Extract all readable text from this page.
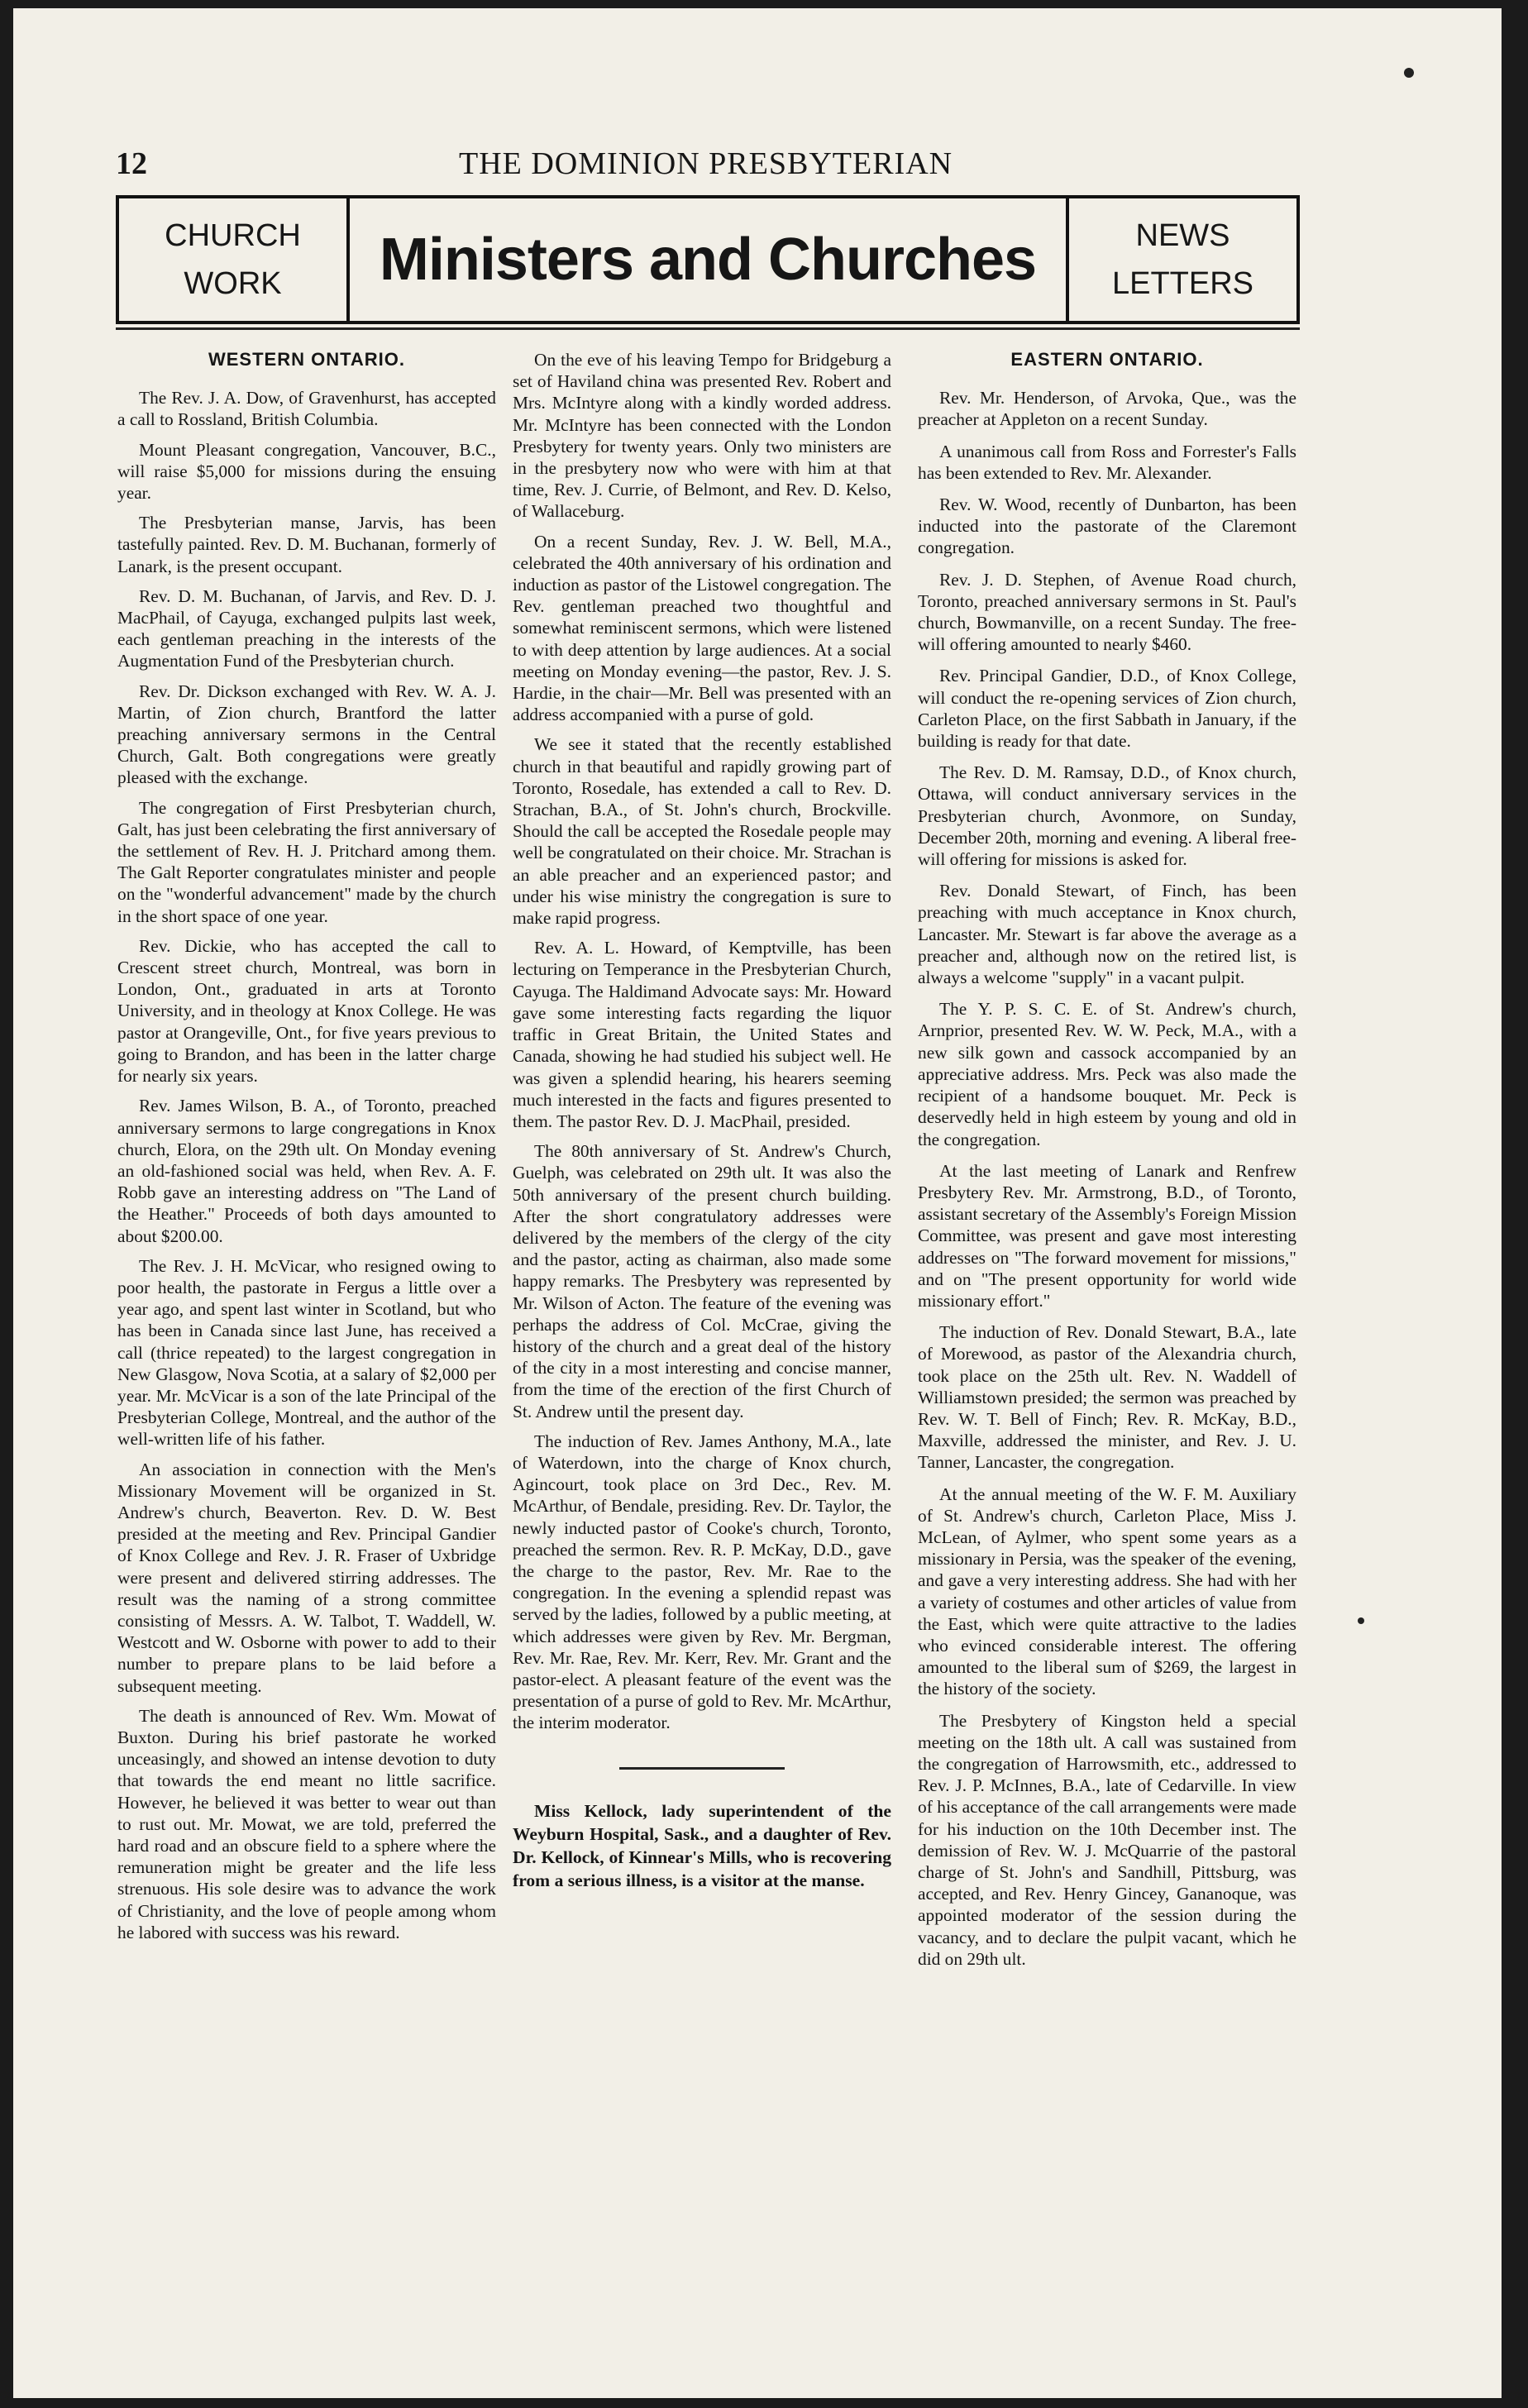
12	THE DOMINION PRESBYTERIAN
CHURCH
WORK	Ministers and Churches	NEWS
LETTERS
WESTERN ONTARIO.

The Rev. J. A. Dow, of Gravenhurst, has accepted a call to Rossland, British Columbia.

Mount Pleasant congregation, Vancouver, B.C., will raise $5,000 for missions during the ensuing year.

The Presbyterian manse, Jarvis, has been tastefully painted. Rev. D. M. Buchanan, formerly of Lanark, is the present occupant.

Rev. D. M. Buchanan, of Jarvis, and Rev. D. J. MacPhail, of Cayuga, exchanged pulpits last week, each gentleman preaching in the interests of the Augmentation Fund of the Presbyterian church.

Rev. Dr. Dickson exchanged with Rev. W. A. J. Martin, of Zion church, Brantford the latter preaching anniversary sermons in the Central Church, Galt. Both congregations were greatly pleased with the exchange.

The congregation of First Presbyterian church, Galt, has just been celebrating the first anniversary of the settlement of Rev. H. J. Pritchard among them. The Galt Reporter congratulates minister and people on the "wonderful advancement" made by the church in the short space of one year.

Rev. Dickie, who has accepted the call to Crescent street church, Montreal, was born in London, Ont., graduated in arts at Toronto University, and in theology at Knox College. He was pastor at Orangeville, Ont., for five years previous to going to Brandon, and has been in the latter charge for nearly six years.

Rev. James Wilson, B. A., of Toronto, preached anniversary sermons to large congregations in Knox church, Elora, on the 29th ult. On Monday evening an old-fashioned social was held, when Rev. A. F. Robb gave an interesting address on "The Land of the Heather." Proceeds of both days amounted to about $200.00.

The Rev. J. H. McVicar, who resigned owing to poor health, the pastorate in Fergus a little over a year ago, and spent last winter in Scotland, but who has been in Canada since last June, has received a call (thrice repeated) to the largest congregation in New Glasgow, Nova Scotia, at a salary of $2,000 per year. Mr. McVicar is a son of the late Principal of the Presbyterian College, Montreal, and the author of the well-written life of his father.

An association in connection with the Men's Missionary Movement will be organized in St. Andrew's church, Beaverton. Rev. D. W. Best presided at the meeting and Rev. Principal Gandier of Knox College and Rev. J. R. Fraser of Uxbridge were present and delivered stirring addresses. The result was the naming of a strong committee consisting of Messrs. A. W. Talbot, T. Waddell, W. Westcott and W. Osborne with power to add to their number to prepare plans to be laid before a subsequent meeting.

The death is announced of Rev. Wm. Mowat of Buxton. During his brief pastorate he worked unceasingly, and showed an intense devotion to duty that towards the end meant no little sacrifice. However, he believed it was better to wear out than to rust out. Mr. Mowat, we are told, preferred the hard road and an obscure field to a sphere where the remuneration might be greater and the life less strenuous. His sole desire was to advance the work of Christianity, and the love of people among whom he labored with success was his reward.

On the eve of his leaving Tempo for Bridgeburg a set of Haviland china was presented Rev. Robert and Mrs. McIntyre along with a kindly worded address. Mr. McIntyre has been connected with the London Presbytery for twenty years. Only two ministers are in the presbytery now who were with him at that time, Rev. J. Currie, of Belmont, and Rev. D. Kelso, of Wallaceburg.

On a recent Sunday, Rev. J. W. Bell, M.A., celebrated the 40th anniversary of his ordination and induction as pastor of the Listowel congregation. The Rev. gentleman preached two thoughtful and somewhat reminiscent sermons, which were listened to with deep attention by large audiences. At a social meeting on Monday evening—the pastor, Rev. J. S. Hardie, in the chair—Mr. Bell was presented with an address accompanied with a purse of gold.

We see it stated that the recently established church in that beautiful and rapidly growing part of Toronto, Rosedale, has extended a call to Rev. D. Strachan, B.A., of St. John's church, Brockville. Should the call be accepted the Rosedale people may well be congratulated on their choice. Mr. Strachan is an able preacher and an experienced pastor; and under his wise ministry the congregation is sure to make rapid progress.

Rev. A. L. Howard, of Kemptville, has been lecturing on Temperance in the Presbyterian Church, Cayuga. The Haldimand Advocate says: Mr. Howard gave some interesting facts regarding the liquor traffic in Great Britain, the United States and Canada, showing he had studied his subject well. He was given a splendid hearing, his hearers seeming much interested in the facts and figures presented to them. The pastor Rev. D. J. MacPhail, presided.

The 80th anniversary of St. Andrew's Church, Guelph, was celebrated on 29th ult. It was also the 50th anniversary of the present church building. After the short congratulatory addresses were delivered by the members of the clergy of the city and the pastor, acting as chairman, also made some happy remarks. The Presbytery was represented by Mr. Wilson of Acton. The feature of the evening was perhaps the address of Col. McCrae, giving the history of the church and a great deal of the history of the city in a most interesting and concise manner, from the time of the erection of the first Church of St. Andrew until the present day.

The induction of Rev. James Anthony, M.A., late of Waterdown, into the charge of Knox church, Agincourt, took place on 3rd Dec., Rev. M. McArthur, of Bendale, presiding. Rev. Dr. Taylor, the newly inducted pastor of Cooke's church, Toronto, preached the sermon. Rev. R. P. McKay, D.D., gave the charge to the pastor, Rev. Mr. Rae to the congregation. In the evening a splendid repast was served by the ladies, followed by a public meeting, at which addresses were given by Rev. Mr. Bergman, Rev. Mr. Rae, Rev. Mr. Kerr, Rev. Mr. Grant and the pastor-elect. A pleasant feature of the event was the presentation of a purse of gold to Rev. Mr. McArthur, the interim moderator.

Miss Kellock, lady superintendent of the Weyburn Hospital, Sask., and a daughter of Rev. Dr. Kellock, of Kinnear's Mills, who is recovering from a serious illness, is a visitor at the manse.

EASTERN ONTARIO.

Rev. Mr. Henderson, of Arvoka, Que., was the preacher at Appleton on a recent Sunday.

A unanimous call from Ross and Forrester's Falls has been extended to Rev. Mr. Alexander.

Rev. W. Wood, recently of Dunbarton, has been inducted into the pastorate of the Claremont congregation.

Rev. J. D. Stephen, of Avenue Road church, Toronto, preached anniversary sermons in St. Paul's church, Bowmanville, on a recent Sunday. The free-will offering amounted to nearly $460.

Rev. Principal Gandier, D.D., of Knox College, will conduct the re-opening services of Zion church, Carleton Place, on the first Sabbath in January, if the building is ready for that date.

The Rev. D. M. Ramsay, D.D., of Knox church, Ottawa, will conduct anniversary services in the Presbyterian church, Avonmore, on Sunday, December 20th, morning and evening. A liberal free-will offering for missions is asked for.

Rev. Donald Stewart, of Finch, has been preaching with much acceptance in Knox church, Lancaster. Mr. Stewart is far above the average as a preacher and, although now on the retired list, is always a welcome "supply" in a vacant pulpit.

The Y. P. S. C. E. of St. Andrew's church, Arnprior, presented Rev. W. W. Peck, M.A., with a new silk gown and cassock accompanied by an appreciative address. Mrs. Peck was also made the recipient of a handsome bouquet. Mr. Peck is deservedly held in high esteem by young and old in the congregation.

At the last meeting of Lanark and Renfrew Presbytery Rev. Mr. Armstrong, B.D., of Toronto, assistant secretary of the Assembly's Foreign Mission Committee, was present and gave most interesting addresses on "The forward movement for missions," and on "The present opportunity for world wide missionary effort."

The induction of Rev. Donald Stewart, B.A., late of Morewood, as pastor of the Alexandria church, took place on the 25th ult. Rev. N. Waddell of Williamstown presided; the sermon was preached by Rev. W. T. Bell of Finch; Rev. R. McKay, B.D., Maxville, addressed the minister, and Rev. J. U. Tanner, Lancaster, the congregation.

At the annual meeting of the W. F. M. Auxiliary of St. Andrew's church, Carleton Place, Miss J. McLean, of Aylmer, who spent some years as a missionary in Persia, was the speaker of the evening, and gave a very interesting address. She had with her a variety of costumes and other articles of value from the East, which were quite attractive to the ladies who evinced considerable interest. The offering amounted to the liberal sum of $269, the largest in the history of the society.

The Presbytery of Kingston held a special meeting on the 18th ult. A call was sustained from the congregation of Harrowsmith, etc., addressed to Rev. J. P. McInnes, B.A., late of Cedarville. In view of his acceptance of the call arrangements were made for his induction on the 10th December inst. The demission of Rev. W. J. McQuarrie of the pastoral charge of St. John's and Sandhill, Pittsburg, was accepted, and Rev. Henry Gincey, Gananoque, was appointed moderator of the session during the vacancy, and to declare the pulpit vacant, which he did on 29th ult.
